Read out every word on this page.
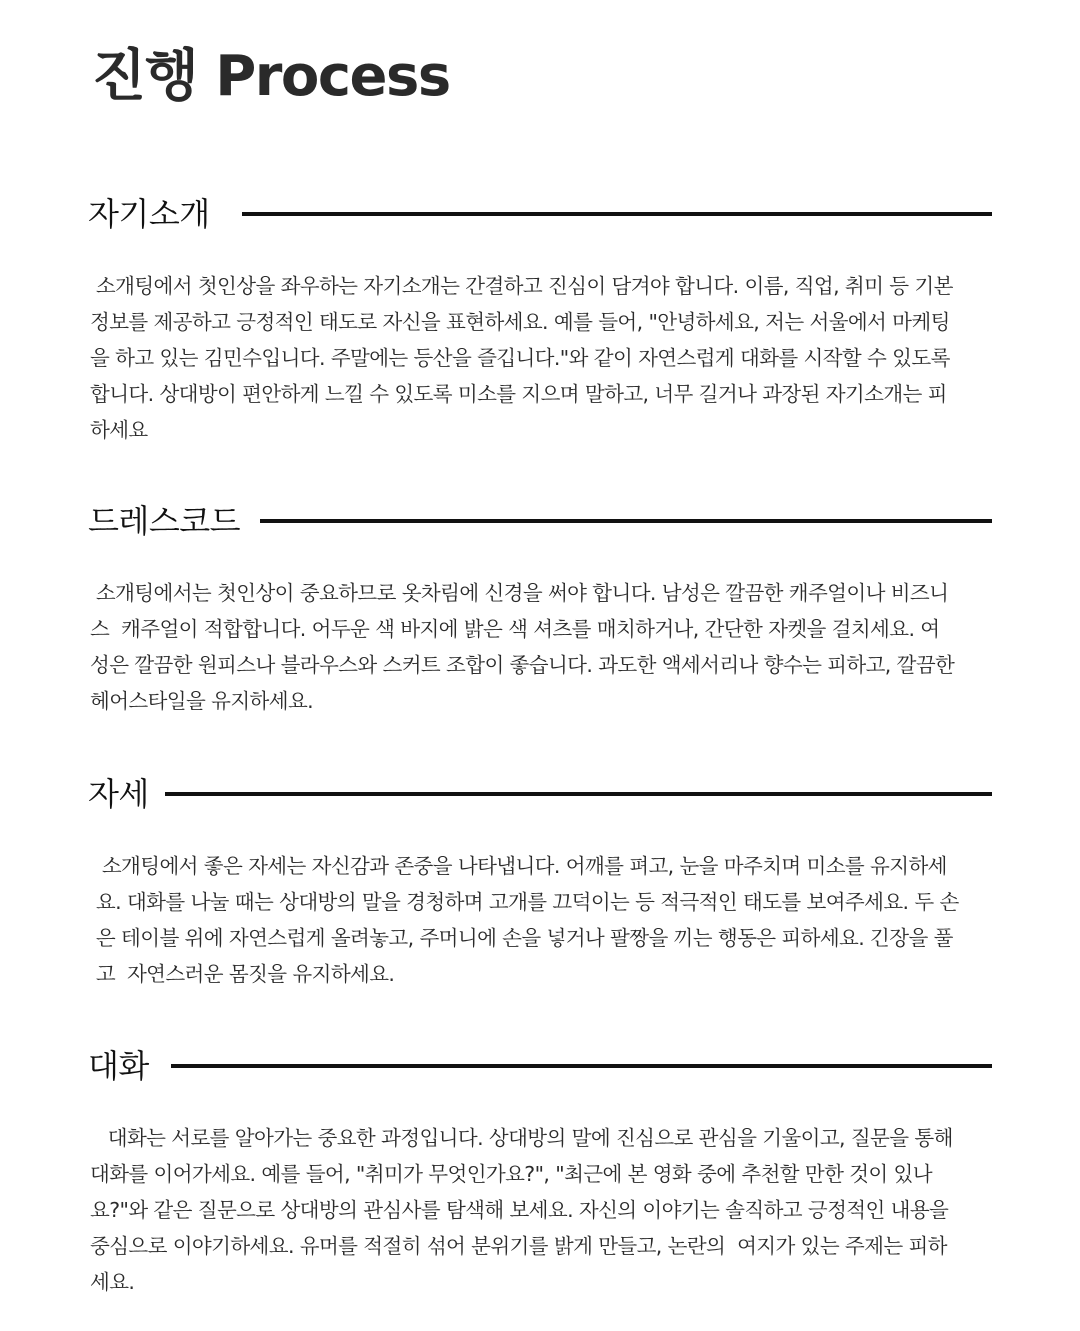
진행 Process
자기소개
소개팅에서 첫인상을 좌우하는 자기소개는 간결하고 진심이 담겨야 합니다. 이름, 직업, 취미 등 기본
정보를 제공하고 긍정적인 태도로 자신을 표현하세요. 예를 들어, "안녕하세요, 저는 서울에서 마케팅
을 하고 있는 김민수입니다. 주말에는 등산을 즐깁니다."와 같이 자연스럽게 대화를 시작할 수 있도록
합니다. 상대방이 편안하게 느낄 수 있도록 미소를 지으며 말하고, 너무 길거나 과장된 자기소개는 피
하세요
드레스코드
소개팅에서는 첫인상이 중요하므로 옷차림에 신경을 써야 합니다. 남성은 깔끔한 캐주얼이나 비즈니
스  캐주얼이 적합합니다. 어두운 색 바지에 밝은 색 셔츠를 매치하거나, 간단한 자켓을 걸치세요. 여
성은 깔끔한 원피스나 블라우스와 스커트 조합이 좋습니다. 과도한 액세서리나 향수는 피하고, 깔끔한
헤어스타일을 유지하세요.
자세
소개팅에서 좋은 자세는 자신감과 존중을 나타냅니다. 어깨를 펴고, 눈을 마주치며 미소를 유지하세
요. 대화를 나눌 때는 상대방의 말을 경청하며 고개를 끄덕이는 등 적극적인 태도를 보여주세요. 두 손
은 테이블 위에 자연스럽게 올려놓고, 주머니에 손을 넣거나 팔짱을 끼는 행동은 피하세요. 긴장을 풀
고  자연스러운 몸짓을 유지하세요.
대화
대화는 서로를 알아가는 중요한 과정입니다. 상대방의 말에 진심으로 관심을 기울이고, 질문을 통해
대화를 이어가세요. 예를 들어, "취미가 무엇인가요?", "최근에 본 영화 중에 추천할 만한 것이 있나
요?"와 같은 질문으로 상대방의 관심사를 탐색해 보세요. 자신의 이야기는 솔직하고 긍정적인 내용을
중심으로 이야기하세요. 유머를 적절히 섞어 분위기를 밝게 만들고, 논란의  여지가 있는 주제는 피하
세요.
